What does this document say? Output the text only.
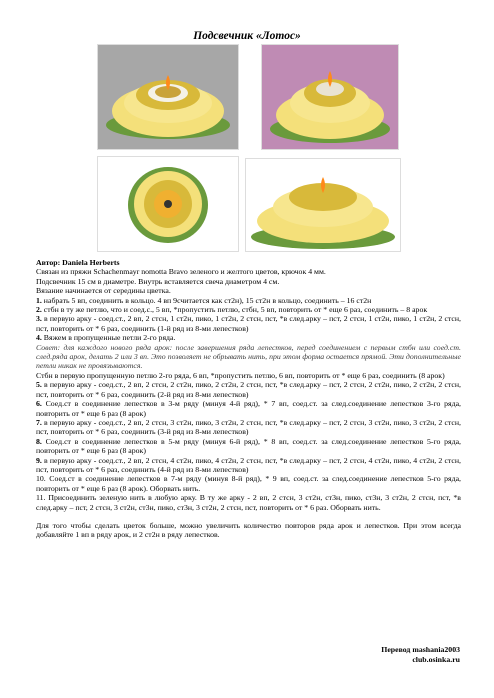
Подсвечник «Лотос»

Автор: Daniela Herberts

Связан из пряжи Schachenmayr nomotta Bravo зеленого и желтого цветов, крючок 4 мм.

Подсвечник 15 см в диаметре. Внутрь вставляется свеча диаметром 4 см.

Вязание начинается от середины цветка.

1. набрать 5 вп, соединить в кольцо. 4 вп 9считается как ст2н), 15 ст2н в кольцо, соединить – 16 ст2н

2. стбн в ту же петлю, что и соед.с., 5 вп, *пропустить петлю, стбн, 5 вп, повторить от * еще 6 раз, соединить – 8 арок

3. в первую арку - соед.ст., 2 вп, 2 стсн, 1 ст2н, пико, 1 ст2н, 2 стсн, пст, *в след.арку – пст, 2 стсн, 1 ст2н, пико, 1 ст2н, 2 стсн, пст, повторить от * 6 раз, соединить (1-й ряд из 8-ми лепестков)

4. Вяжем в пропущенные петли 2-го ряда.

Совет: для каждого нового ряда арок: после завершения ряда лепестков, перед соединением с первым стбн или соед.ст. след.ряда арок, делать 2 или 3 вп. Это позволяет не обрывать нить, при этом форма остается прямой. Эти дополнительные петли никак не провязываются.

Стбн в первую пропущенную петлю 2-го ряда, 6 вп, *пропустить петлю, 6 вп, повторить от * еще 6 раз, соединить (8 арок)

5. в первую арку - соед.ст., 2 вп, 2 стсн, 2 ст2н, пико, 2 ст2н, 2 стсн, пст, *в след.арку – пст, 2 стсн, 2 ст2н, пико, 2 ст2н, 2 стсн, пст, повторить от * 6 раз, соединить (2-й ряд из 8-ми лепестков)

6. Соед.ст в соединение лепестков в 3-м ряду (минуя 4-й ряд), * 7 вп, соед.ст. за след.соединение лепестков 3-го ряда, повторить от * еще 6 раз (8 арок)

7. в первую арку - соед.ст., 2 вп, 2 стсн, 3 ст2н, пико, 3 ст2н, 2 стсн, пст, *в след.арку – пст, 2 стсн, 3 ст2н, пико, 3 ст2н, 2 стсн, пст, повторить от * 6 раз, соединить (3-й ряд из 8-ми лепестков)

8. Соед.ст в соединение лепестков в 5-м ряду (минуя 6-й ряд), * 8 вп, соед.ст. за след.соединение лепестков 5-го ряда, повторить от * еще 6 раз (8 арок)

9. в первую арку - соед.ст., 2 вп, 2 стсн, 4 ст2н, пико, 4 ст2н, 2 стсн, пст, *в след.арку – пст, 2 стсн, 4 ст2н, пико, 4 ст2н, 2 стсн, пст, повторить от * 6 раз, соединить (4-й ряд из 8-ми лепестков)

10. Соед.ст в соединение лепестков в 7-м ряду (минуя 8-й ряд), * 9 вп, соед.ст. за след.соединение лепестков 5-го ряда, повторить от * еще 6 раз (8 арок). Оборвать нить.

11. Присоединить зеленую нить в любую арку. В ту же арку - 2 вп, 2 стсн, 3 ст2н, ст3н, пико, ст3н, 3 ст2н, 2 стсн, пст, *в след.арку – пст, 2 стсн, 3 ст2н, ст3н, пико, ст3н, 3 ст2н, 2 стсн, пст, повторить от * 6 раз. Оборвать нить.

Для того чтобы сделать цветок больше, можно увеличить количество повторов ряда арок и лепестков. При этом всегда добавляйте 1 вп в ряду арок, и 2 ст2н в ряду лепестков.

Перевод mashania2003
club.osinka.ru
